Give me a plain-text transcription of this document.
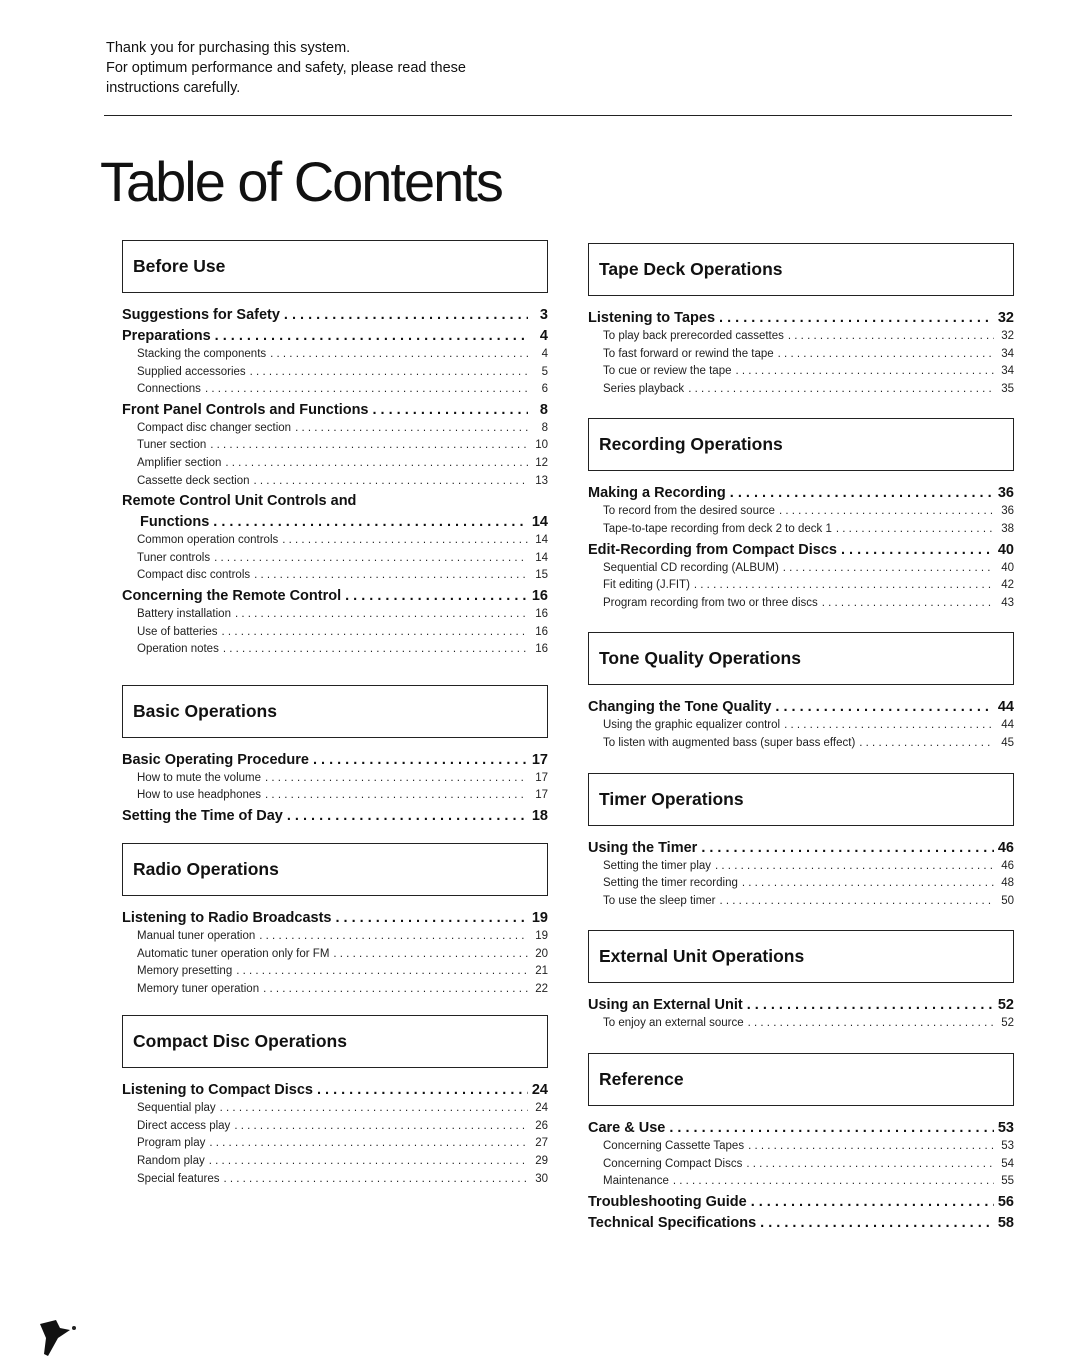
Thank you for purchasing this system.
For optimum performance and safety, please read these
instructions carefully.
Table of Contents
Before Use
Suggestions for Safety . . .	3
Preparations . . .	4
Stacking the components . . .	4
Supplied accessories . . .	5
Connections . . .	6
Front Panel Controls and Functions . . .	8
Compact disc changer section . . .	8
Tuner section . . .	10
Amplifier section . . .	12
Cassette deck section . . .	13
Remote Control Unit Controls and
Functions . . .	14
Common operation controls . . .	14
Tuner controls . . .	14
Compact disc controls . . .	15
Concerning the Remote Control . . .	16
Battery installation . . .	16
Use of batteries . . .	16
Operation notes . . .	16
Basic Operations
Basic Operating Procedure . . .	17
How to mute the volume . . .	17
How to use headphones . . .	17
Setting the Time of Day . . .	18
Radio Operations
Listening to Radio Broadcasts . . .	19
Manual tuner operation . . .	19
Automatic tuner operation only for FM . . .	20
Memory presetting . . .	21
Memory tuner operation . . .	22
Compact Disc Operations
Listening to Compact Discs . . .	24
Sequential play . . .	24
Direct access play . . .	26
Program play . . .	27
Random play . . .	29
Special features . . .	30
Tape Deck Operations
Listening to Tapes . . .	32
To play back prerecorded cassettes . . .	32
To fast forward or rewind the tape . . .	34
To cue or review the tape . . .	34
Series playback . . .	35
Recording Operations
Making a Recording . . .	36
To record from the desired source . . .	36
Tape-to-tape recording from deck 2 to deck 1 . . .	38
Edit-Recording from Compact Discs . . .	40
Sequential CD recording (ALBUM) . . .	40
Fit editing (J.FIT) . . .	42
Program recording from two or three discs . . .	43
Tone Quality Operations
Changing the Tone Quality . . .	44
Using the graphic equalizer control . . .	44
To listen with augmented bass (super bass effect) . . .	45
Timer Operations
Using the Timer . . .	46
Setting the timer play . . .	46
Setting the timer recording . . .	48
To use the sleep timer . . .	50
External Unit Operations
Using an External Unit . . .	52
To enjoy an external source . . .	52
Reference
Care & Use . . .	53
Concerning Cassette Tapes . . .	53
Concerning Compact Discs . . .	54
Maintenance . . .	55
Troubleshooting Guide . . .	56
Technical Specifications . . .	58
